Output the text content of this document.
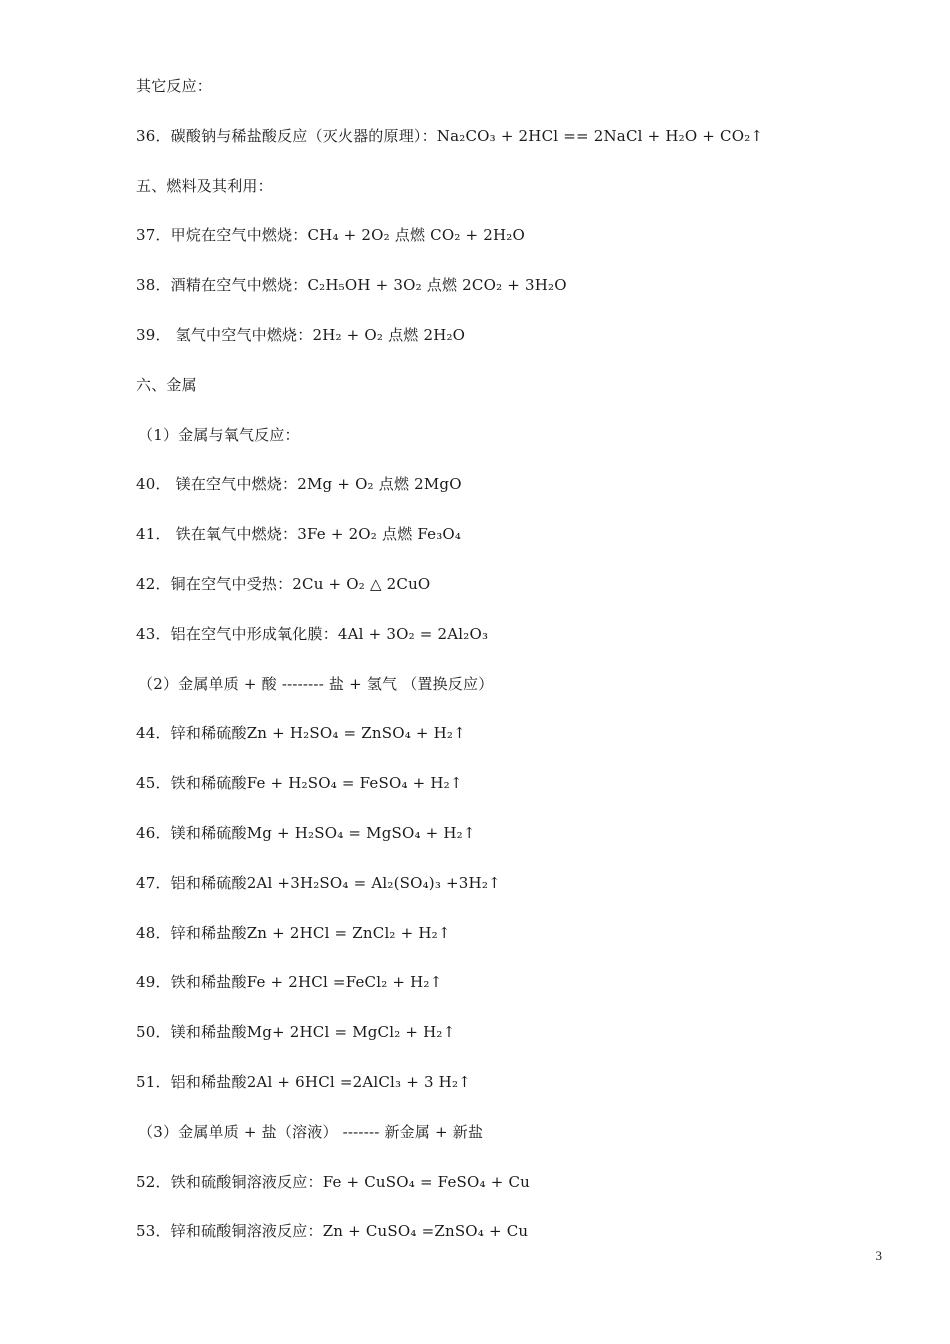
其它反应：
36．碳酸钠与稀盐酸反应（灭火器的原理）：Na₂CO₃ + 2HCl == 2NaCl + H₂O + CO₂↑
五、燃料及其利用：
37．甲烷在空气中燃烧：CH₄ + 2O₂ 点燃 CO₂ + 2H₂O
38．酒精在空气中燃烧：C₂H₅OH + 3O₂ 点燃 2CO₂ + 3H₂O
39． 氢气中空气中燃烧：2H₂ + O₂ 点燃 2H₂O
六、金属
（1）金属与氧气反应：
40． 镁在空气中燃烧：2Mg + O₂ 点燃 2MgO
41． 铁在氧气中燃烧：3Fe + 2O₂ 点燃 Fe₃O₄
42．铜在空气中受热：2Cu + O₂ △ 2CuO
43．铝在空气中形成氧化膜：4Al + 3O₂ = 2Al₂O₃
（2）金属单质 + 酸 -------- 盐 + 氢气 （置换反应）
44．锌和稀硫酸Zn + H₂SO₄ = ZnSO₄ + H₂↑
45．铁和稀硫酸Fe + H₂SO₄ = FeSO₄ + H₂↑
46．镁和稀硫酸Mg + H₂SO₄ = MgSO₄ + H₂↑
47．铝和稀硫酸2Al +3H₂SO₄ = Al₂(SO₄)₃ +3H₂↑
48．锌和稀盐酸Zn + 2HCl = ZnCl₂ + H₂↑
49．铁和稀盐酸Fe + 2HCl =FeCl₂ + H₂↑
50．镁和稀盐酸Mg+ 2HCl = MgCl₂ + H₂↑
51．铝和稀盐酸2Al + 6HCl =2AlCl₃ + 3 H₂↑
（3）金属单质 + 盐（溶液） ------- 新金属 + 新盐
52．铁和硫酸铜溶液反应：Fe + CuSO₄ = FeSO₄ + Cu
53．锌和硫酸铜溶液反应：Zn + CuSO₄ =ZnSO₄ + Cu
3
